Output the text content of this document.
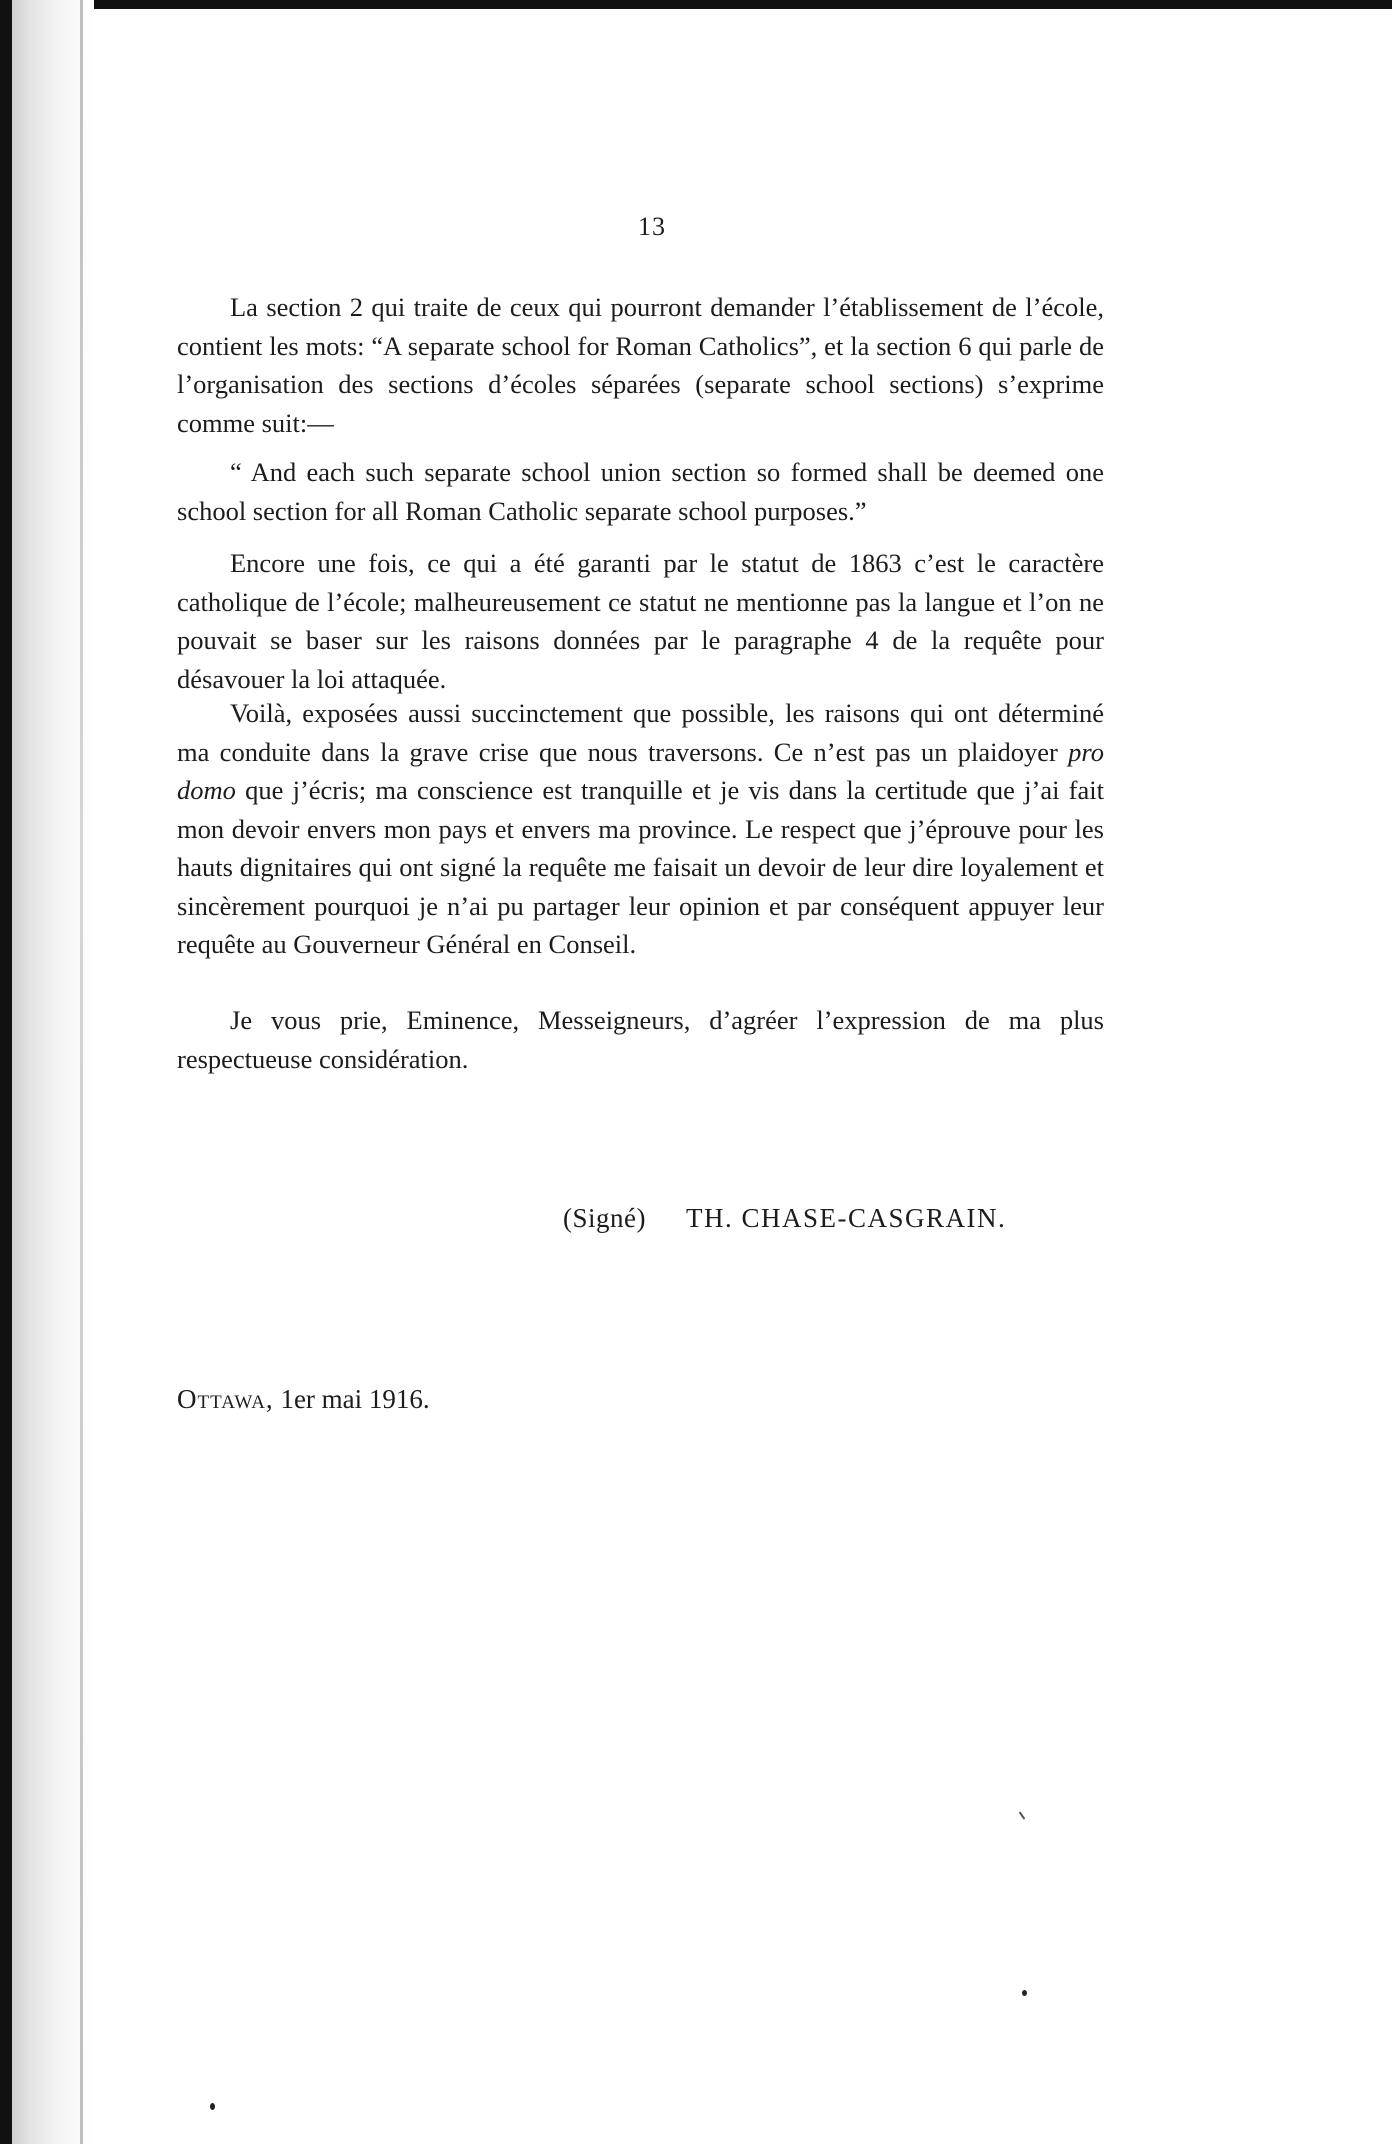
13

La section 2 qui traite de ceux qui pourront demander l’établissement de l’école, contient les mots: “A separate school for Roman Catholics”, et la section 6 qui parle de l’organisation des sections d’écoles séparées (separate school sections) s’exprime comme suit:—

“ And each such separate school union section so formed shall be deemed one school section for all Roman Catholic separate school purposes.”

Encore une fois, ce qui a été garanti par le statut de 1863 c’est le caractère catholique de l’école; malheureusement ce statut ne mentionne pas la langue et l’on ne pouvait se baser sur les raisons données par le paragraphe 4 de la requête pour désavouer la loi attaquée.

Voilà, exposées aussi succinctement que possible, les raisons qui ont déterminé ma conduite dans la grave crise que nous traversons. Ce n’est pas un plaidoyer pro domo que j’écris; ma conscience est tranquille et je vis dans la certitude que j’ai fait mon devoir envers mon pays et envers ma province. Le respect que j’éprouve pour les hauts dignitaires qui ont signé la requête me faisait un devoir de leur dire loyalement et sincèrement pourquoi je n’ai pu partager leur opinion et par conséquent appuyer leur requête au Gouverneur Général en Conseil.

Je vous prie, Eminence, Messeigneurs, d’agréer l’expression de ma plus respectueuse considération.

(Signé) TH. CHASE-CASGRAIN.
Ottawa, 1er mai 1916.
